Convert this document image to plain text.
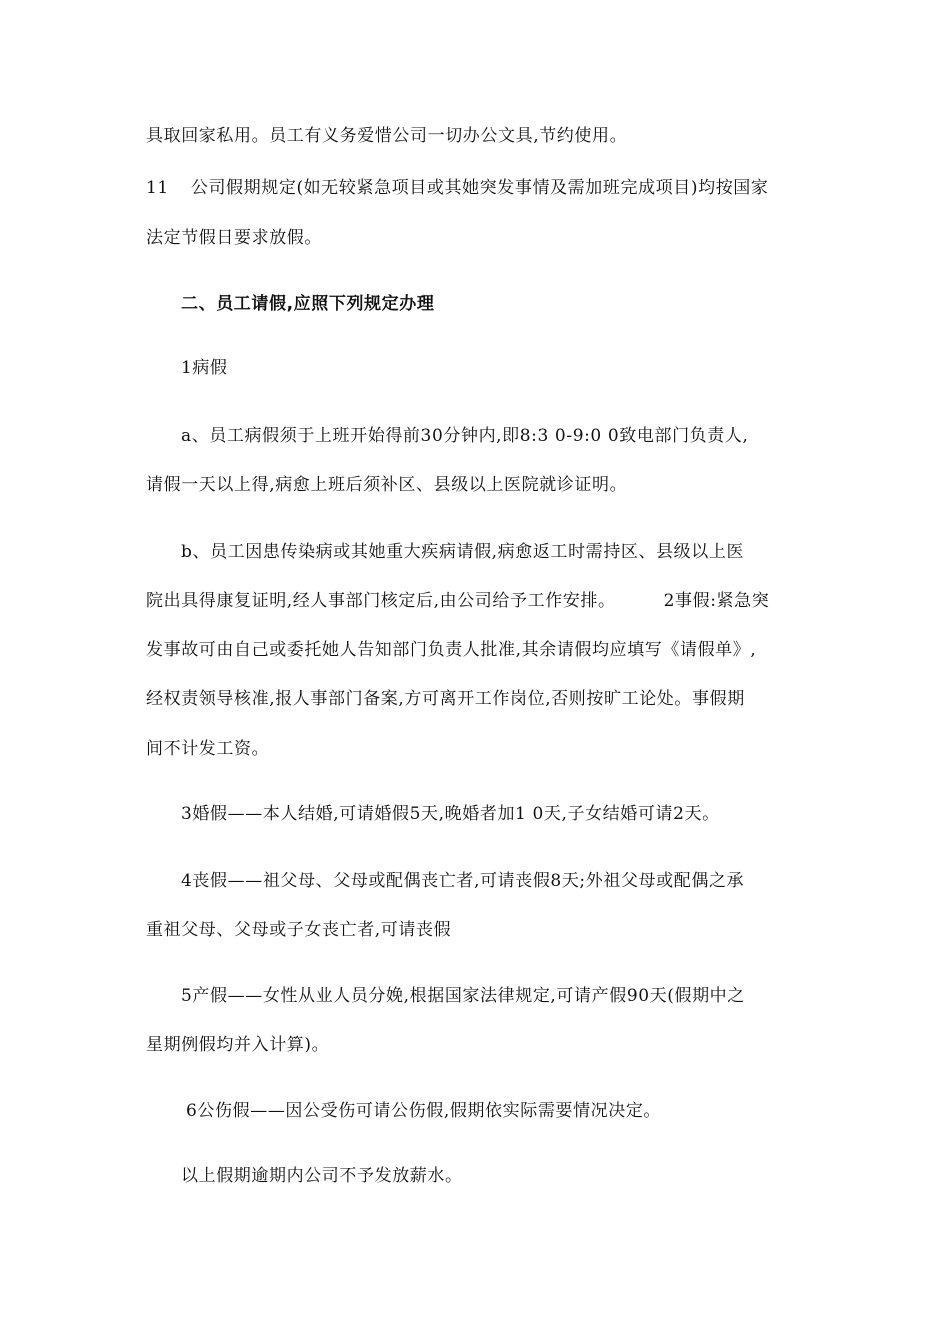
具取回家私用。员工有义务爱惜公司一切办公文具,节约使用。
11 公司假期规定(如无较紧急项目或其她突发事情及需加班完成项目)均按国家
法定节假日要求放假。
二、员工请假,应照下列规定办理
1病假
a、员工病假须于上班开始得前30分钟内,即8:3 0-9:0 0致电部门负责人,
请假一天以上得,病愈上班后须补区、县级以上医院就诊证明。
b、员工因患传染病或其她重大疾病请假,病愈返工时需持区、县级以上医
院出具得康复证明,经人事部门核定后,由公司给予工作安排。	2事假:紧急突
发事故可由自己或委托她人告知部门负责人批准,其余请假均应填写《请假单》,
经权责领导核准,报人事部门备案,方可离开工作岗位,否则按旷工论处。事假期
间不计发工资。
3婚假——本人结婚,可请婚假5天,晚婚者加1 0天,子女结婚可请2天。
4丧假——祖父母、父母或配偶丧亡者,可请丧假8天;外祖父母或配偶之承
重祖父母、父母或子女丧亡者,可请丧假
5产假——女性从业人员分娩,根据国家法律规定,可请产假90天(假期中之
星期例假均并入计算)。
6公伤假——因公受伤可请公伤假,假期依实际需要情况决定。
以上假期逾期内公司不予发放薪水。
